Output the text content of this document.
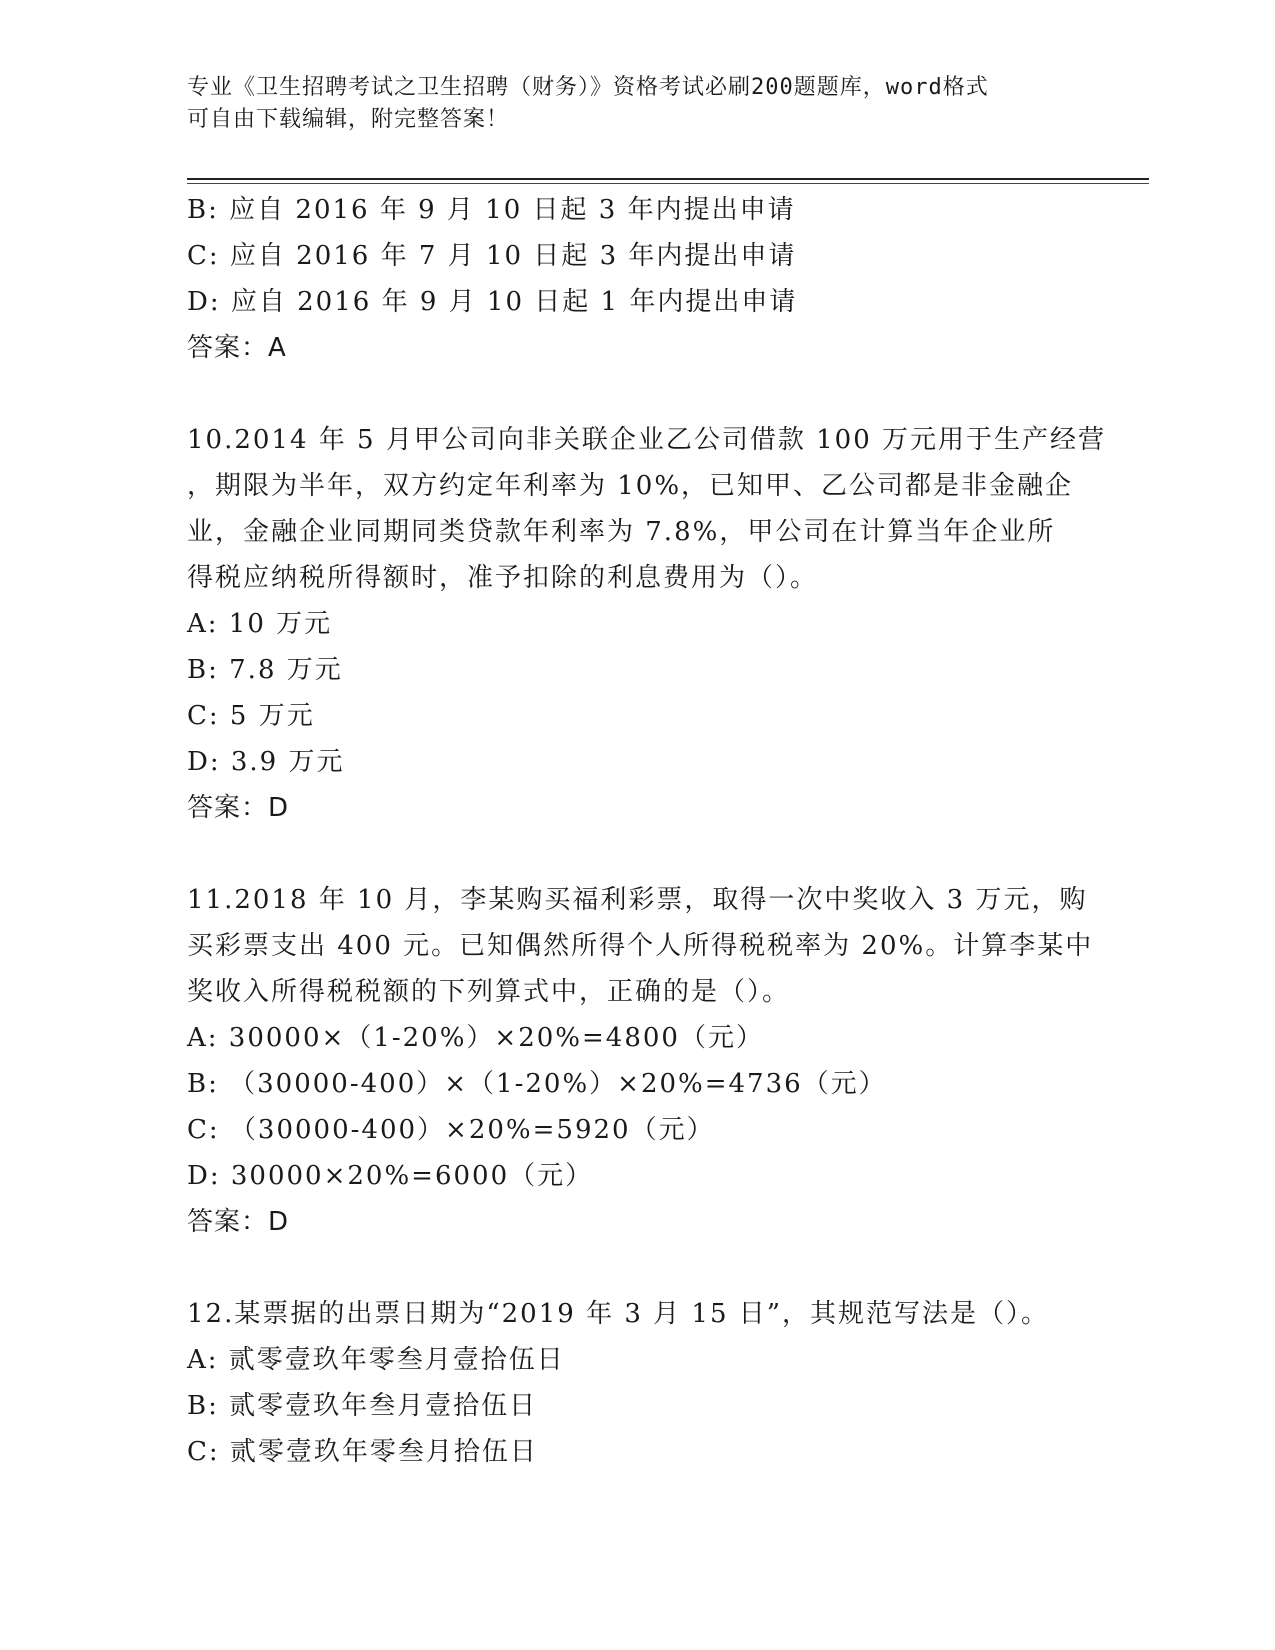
专业《卫生招聘考试之卫生招聘（财务）》资格考试必刷200题题库，word格式
可自由下载编辑，附完整答案！
B: 应自 2016 年 9 月 10 日起 3 年内提出申请
C: 应自 2016 年 7 月 10 日起 3 年内提出申请
D: 应自 2016 年 9 月 10 日起 1 年内提出申请
答案：A
10.2014 年 5 月甲公司向非关联企业乙公司借款 100 万元用于生产经营
，期限为半年，双方约定年利率为 10%，已知甲、乙公司都是非金融企
业，金融企业同期同类贷款年利率为 7.8%，甲公司在计算当年企业所
得税应纳税所得额时，准予扣除的利息费用为（）。
A: 10 万元
B: 7.8 万元
C: 5 万元
D: 3.9 万元
答案：D
11.2018 年 10 月，李某购买福利彩票，取得一次中奖收入 3 万元，购
买彩票支出 400 元。已知偶然所得个人所得税税率为 20%。计算李某中
奖收入所得税税额的下列算式中，正确的是（）。
A: 30000×（1-20%）×20%=4800（元）
B: （30000-400）×（1-20%）×20%=4736（元）
C: （30000-400）×20%=5920（元）
D: 30000×20%=6000（元）
答案：D
12.某票据的出票日期为“2019 年 3 月 15 日”，其规范写法是（）。
A: 贰零壹玖年零叁月壹拾伍日
B: 贰零壹玖年叁月壹拾伍日
C: 贰零壹玖年零叁月拾伍日
